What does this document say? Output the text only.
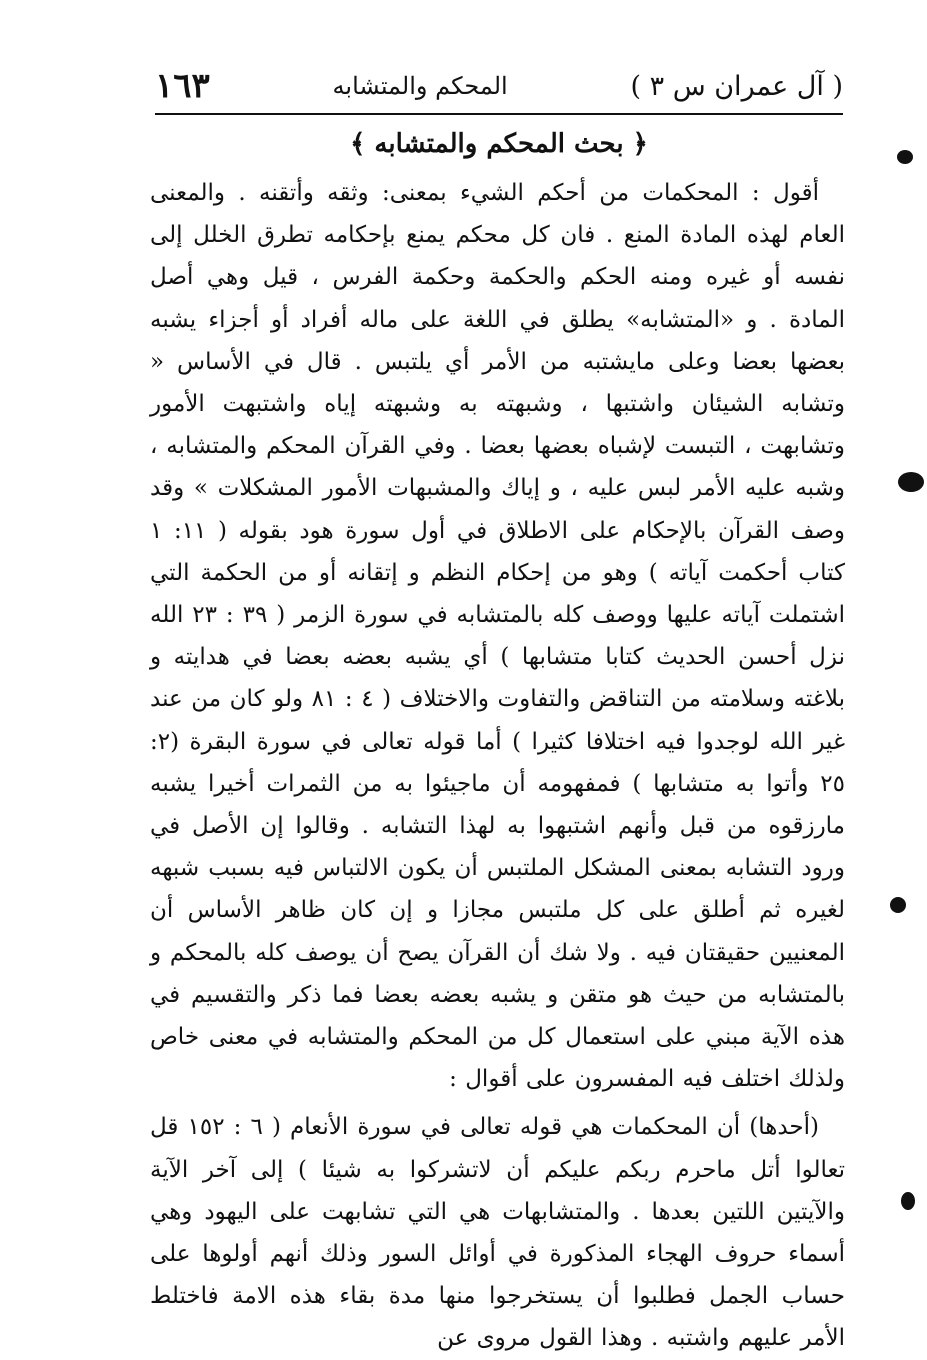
( آل عمران س ٣ )
المحكم والمتشابه
١٦٣
﴿ بحث المحكم والمتشابه ﴾

أقول : المحكمات من أحكم الشيء بمعنى: وثقه وأتقنه . والمعنى العام لهذه المادة المنع . فان كل محكم يمنع بإحكامه تطرق الخلل إلى نفسه أو غيره ومنه الحكم والحكمة وحكمة الفرس ، قيل وهي أصل المادة . و «المتشابه» يطلق في اللغة على ماله أفراد أو أجزاء يشبه بعضها بعضا وعلى مايشتبه من الأمر أي يلتبس . قال في الأساس « وتشابه الشيئان واشتبها ، وشبهته به وشبهته إياه واشتبهت الأمور وتشابهت ، التبست لإشباه بعضها بعضا . وفي القرآن المحكم والمتشابه ، وشبه عليه الأمر لبس عليه ، و إياك والمشبهات الأمور المشكلات » وقد وصف القرآن بالإحكام على الاطلاق في أول سورة هود بقوله ( ١١: ١ كتاب أحكمت آياته ) وهو من إحكام النظم و إتقانه أو من الحكمة التي اشتملت آياته عليها ووصف كله بالمتشابه في سورة الزمر ( ٣٩ : ٢٣ الله نزل أحسن الحديث كتابا متشابها ) أي يشبه بعضه بعضا في هدايته و بلاغته وسلامته من التناقض والتفاوت والاختلاف ( ٤ : ٨١ ولو كان من عند غير الله لوجدوا فيه اختلافا كثيرا ) أما قوله تعالى في سورة البقرة (٢: ٢٥ وأتوا به متشابها ) فمفهومه أن ماجيئوا به من الثمرات أخيرا يشبه مارزقوه من قبل وأنهم اشتبهوا به لهذا التشابه . وقالوا إن الأصل في ورود التشابه بمعنى المشكل الملتبس أن يكون الالتباس فيه بسبب شبهه لغيره ثم أطلق على كل ملتبس مجازا و إن كان ظاهر الأساس أن المعنيين حقيقتان فيه . ولا شك أن القرآن يصح أن يوصف كله بالمحكم و بالمتشابه من حيث هو متقن و يشبه بعضه بعضا فما ذكر والتقسيم في هذه الآية مبني على استعمال كل من المحكم والمتشابه في معنى خاص ولذلك اختلف فيه المفسرون على أقوال :

(أحدها) أن المحكمات هي قوله تعالى في سورة الأنعام ( ٦ : ١٥٢ قل تعالوا أتل ماحرم ربكم عليكم أن لاتشركوا به شيئا ) إلى آخر الآية والآيتين اللتين بعدها . والمتشابهات هي التي تشابهت على اليهود وهي أسماء حروف الهجاء المذكورة في أوائل السور وذلك أنهم أولوها على حساب الجمل فطلبوا أن يستخرجوا منها مدة بقاء هذه الامة فاختلط الأمر عليهم واشتبه . وهذا القول مروى عن
